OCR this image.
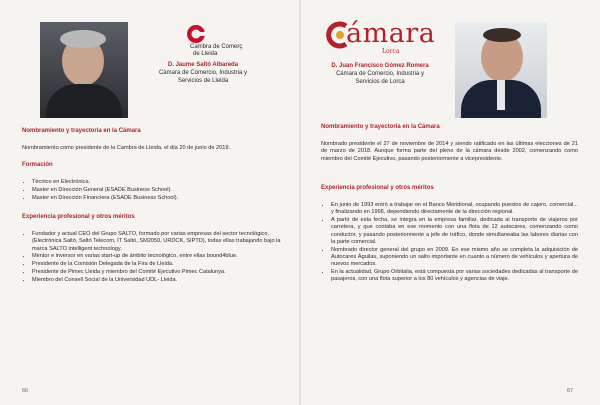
Cambra de Comerç
de Lleida
D. Jaume Saltó Albareda
Càmara de Comercio, Industria y
Servicios de Lleida
Nombramiento y trayectoria en la Cámara

Nombramiento como presidente de la Cambra de Lleida, el día 20 de junio de 2019.

Formación
• Técnico en Electrónica.
• Master en Dirección General (ESADE Business School).
• Master en Dirección Financiera (ESADE Business School).
Experiencia profesional y otros méritos
• Fundador y actual CEO del Grupo SALTO, formado por varias empresas del sector tecnológico, (Electrónica Saltó, Saltó Telecom, IT Saltó, SM2050, URDCK, SIPTD), todas ellas trabajando bajo la marca SALTO intelligent technology.
• Mentor e inversor en varias start-up de ámbito tecnológico, entre ellas bound4blue.
• Presidente de la Comisión Delegada de la Fira de Lleida.
• Presidente de Pimec Lleida y miembro del Comité Ejecutivo Pimec Catalunya.
• Miembro del Consell Social de la Universidad UDL- Lleida.
66
ámara
Lorca
D. Juan Francisco Gómez Romera
Cámara de Comercio, Industria y
Servicios de Lorca
Nombramiento y trayectoria en la Cámara

Nombrado presidente el 27 de noviembre de 2014 y siendo ratificado en las últimas elecciones de 21 de marzo de 2018. Aunque forma parte del pleno de la cámara desde 2002, comenzando como miembro del Comité Ejecutivo, pasando posteriormente a vicepresidente.

Experiencia profesional y otros méritos
• En junio de 1993 entró a trabajar en el Banco Meridional, ocupando puestos de cajero, comercial... y finalizando en 1996, dependiendo directamente de la dirección regional.
• A partir de esta fecha, se integra en la empresa familiar, dedicada al transporte de viajeros por carretera, y que contaba en ese momento con una flota de 12 autocares, comenzando como conductor, y pasando posteriormente a jefe de tráfico, donde simultaneaba las labores diarias con la parte comercial.
• Nombrado director general del grupo en 2009. En ese mismo año se completa la adquisición de Autocares Águilas, suponiendo un salto importante en cuanto a número de vehículos y apertura de nuevos mercados.
• En la actualidad, Grupo Orbitalia, está compuesta por varias sociedades dedicadas al transporte de pasajeros, con una flota superior a los 80 vehículos y agencias de viaje.
67
